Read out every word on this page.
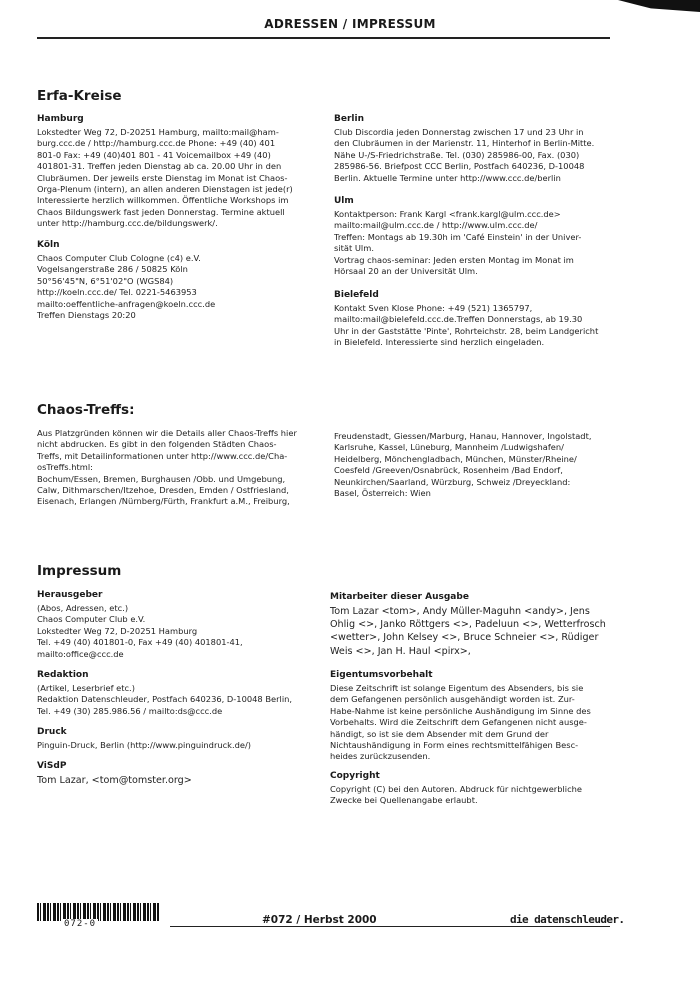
ADRESSEN / IMPRESSUM
Erfa-Kreise
Hamburg
Lokstedter Weg 72, D-20251 Hamburg, mailto:mail@ham-
burg.ccc.de / http://hamburg.ccc.de Phone: +49 (40) 401
801-0 Fax: +49 (40)401 801 - 41 Voicemailbox +49 (40)
401801-31. Treffen jeden Dienstag ab ca. 20.00 Uhr in den
Clubräumen. Der jeweils erste Dienstag im Monat ist Chaos-
Orga-Plenum (intern), an allen anderen Dienstagen ist jede(r)
Interessierte herzlich willkommen. Öffentliche Workshops im
Chaos Bildungswerk fast jeden Donnerstag. Termine aktuell
unter http://hamburg.ccc.de/bildungswerk/.
Köln
Chaos Computer Club Cologne (c4) e.V.
Vogelsangerstraße 286 / 50825 Köln
50°56'45"N, 6°51'02"O (WGS84)
http://koeln.ccc.de/ Tel. 0221-5463953
mailto:oeffentliche-anfragen@koeln.ccc.de
Treffen Dienstags 20:20
Berlin
Club Discordia jeden Donnerstag zwischen 17 und 23 Uhr in
den Clubräumen in der Marienstr. 11, Hinterhof in Berlin-Mitte.
Nähe U-/S-Friedrichstraße. Tel. (030) 285986-00, Fax. (030)
285986-56. Briefpost CCC Berlin, Postfach 640236, D-10048
Berlin. Aktuelle Termine unter http://www.ccc.de/berlin
Ulm
Kontaktperson: Frank Kargl <frank.kargl@ulm.ccc.de>
mailto:mail@ulm.ccc.de / http://www.ulm.ccc.de/
Treffen: Montags ab 19.30h im 'Café Einstein' in der Univer-
sität Ulm.
Vortrag chaos-seminar: Jeden ersten Montag im Monat im
Hörsaal 20 an der Universität Ulm.
Bielefeld
Kontakt Sven Klose Phone: +49 (521) 1365797,
mailto:mail@bielefeld.ccc.de.Treffen Donnerstags, ab 19.30
Uhr in der Gaststätte 'Pinte', Rohrteichstr. 28, beim Landgericht
in Bielefeld. Interessierte sind herzlich eingeladen.
Chaos-Treffs:
Aus Platzgründen können wir die Details aller Chaos-Treffs hier
nicht abdrucken. Es gibt in den folgenden Städten Chaos-
Treffs, mit Detailinformationen unter http://www.ccc.de/Cha-
osTreffs.html:
Bochum/Essen, Bremen, Burghausen /Obb. und Umgebung,
Calw, Dithmarschen/Itzehoe, Dresden, Emden / Ostfriesland,
Eisenach, Erlangen /Nürnberg/Fürth, Frankfurt a.M., Freiburg,
Freudenstadt, Giessen/Marburg, Hanau, Hannover, Ingolstadt,
Karlsruhe, Kassel, Lüneburg, Mannheim /Ludwigshafen/
Heidelberg, Mönchengladbach, München, Münster/Rheine/
Coesfeld /Greeven/Osnabrück, Rosenheim /Bad Endorf,
Neunkirchen/Saarland, Würzburg, Schweiz /Dreyeckland:
Basel, Österreich: Wien
Impressum
Herausgeber
(Abos, Adressen, etc.)
Chaos Computer Club e.V.
Lokstedter Weg 72, D-20251 Hamburg
Tel. +49 (40) 401801-0, Fax +49 (40) 401801-41,
mailto:office@ccc.de
Redaktion
(Artikel, Leserbrief etc.)
Redaktion Datenschleuder, Postfach 640236, D-10048 Berlin,
Tel. +49 (30) 285.986.56 / mailto:ds@ccc.de
Druck
Pinguin-Druck, Berlin (http://www.pinguindruck.de/)
ViSdP
Tom Lazar, <tom@tomster.org>
Mitarbeiter dieser Ausgabe
Tom Lazar <tom>, Andy Müller-Maguhn <andy>, Jens
Ohlig <>, Janko Röttgers <>, Padeluun <>, Wetterfrosch
<wetter>, John Kelsey <>, Bruce Schneier <>, Rüdiger
Weis <>, Jan H. Haul <pirx>,
Eigentumsvorbehalt
Diese Zeitschrift ist solange Eigentum des Absenders, bis sie
dem Gefangenen persönlich ausgehändigt worden ist. Zur-
Habe-Nahme ist keine persönliche Aushändigung im Sinne des
Vorbehalts. Wird die Zeitschrift dem Gefangenen nicht ausge-
händigt, so ist sie dem Absender mit dem Grund der
Nichtaushändigung in Form eines rechtsmittelfähigen Besc-
heides zurückzusenden.
Copyright
Copyright (C) bei den Autoren. Abdruck für nichtgewerbliche
Zwecke bei Quellenangabe erlaubt.
072-0	#072 / Herbst 2000	die datenschleuder.
